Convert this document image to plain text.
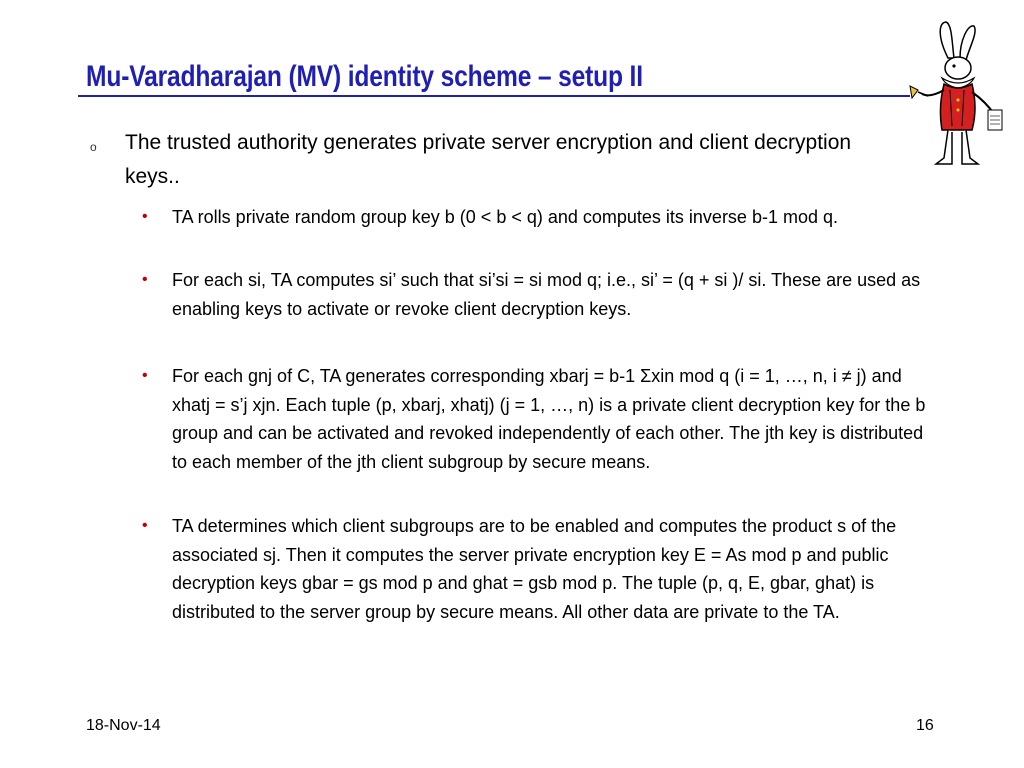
Mu-Varadharajan (MV) identity scheme – setup II
o The trusted authority generates private server encryption and client decryption keys..
• TA rolls private random group key b (0 < b < q) and computes its inverse b-1 mod q.
• For each si, TA computes si’ such that si’si = si mod q; i.e., si’ = (q + si )/ si. These are used as enabling keys to activate or revoke client decryption keys.
• For each gnj of C, TA generates corresponding xbarj = b-1 Σxin mod q (i = 1, …, n, i ≠ j) and xhatj = s’j xjn. Each tuple (p, xbarj, xhatj) (j = 1, …, n) is a private client decryption key for the b group and can be activated and revoked independently of each other. The jth key is distributed to each member of the jth client subgroup by secure means.
• TA determines which client subgroups are to be enabled and computes the product s of the associated sj. Then it computes the server private encryption key E = As mod p and public decryption keys gbar = gs mod p and ghat = gsb mod p. The tuple (p, q, E, gbar, ghat) is distributed to the server group by secure means. All other data are private to the TA.
18-Nov-14	16
